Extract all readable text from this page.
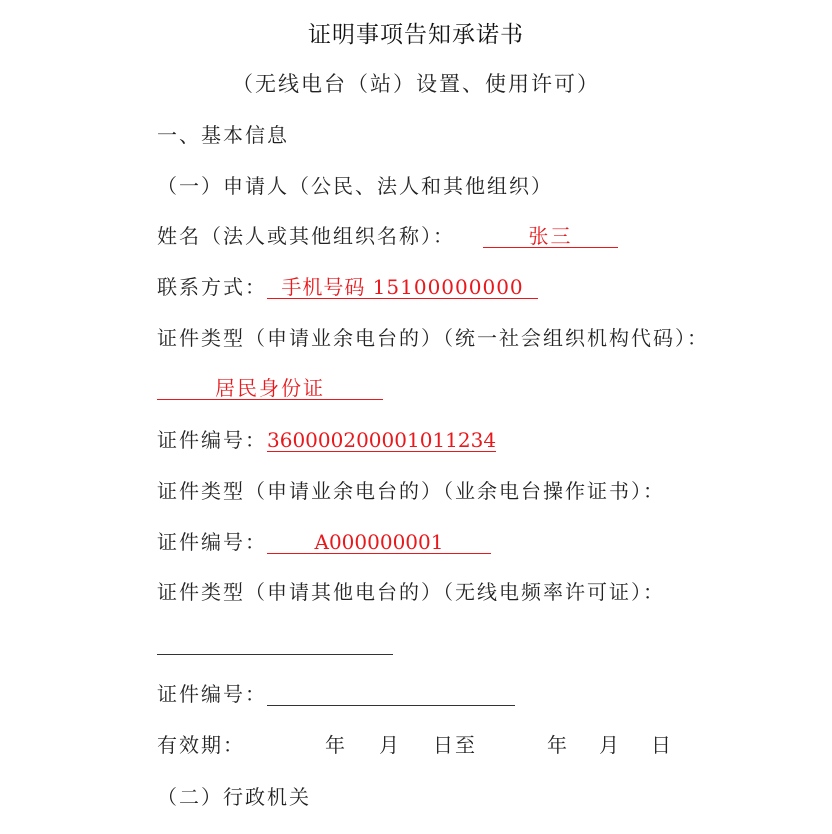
证明事项告知承诺书
（无线电台（站）设置、使用许可）
一、基本信息
（一）申请人（公民、法人和其他组织）
姓名（法人或其他组织名称）：	张三
联系方式： 手机号码 15100000000
证件类型（申请业余电台的）（统一社会组织机构代码）：
居民身份证
证件编号：360000200001011234
证件类型（申请业余电台的）（业余电台操作证书）：
证件编号： A000000001
证件类型（申请其他电台的）（无线电频率许可证）：
证件编号：
有效期：	年 月 日至	年 月 日
（二）行政机关
